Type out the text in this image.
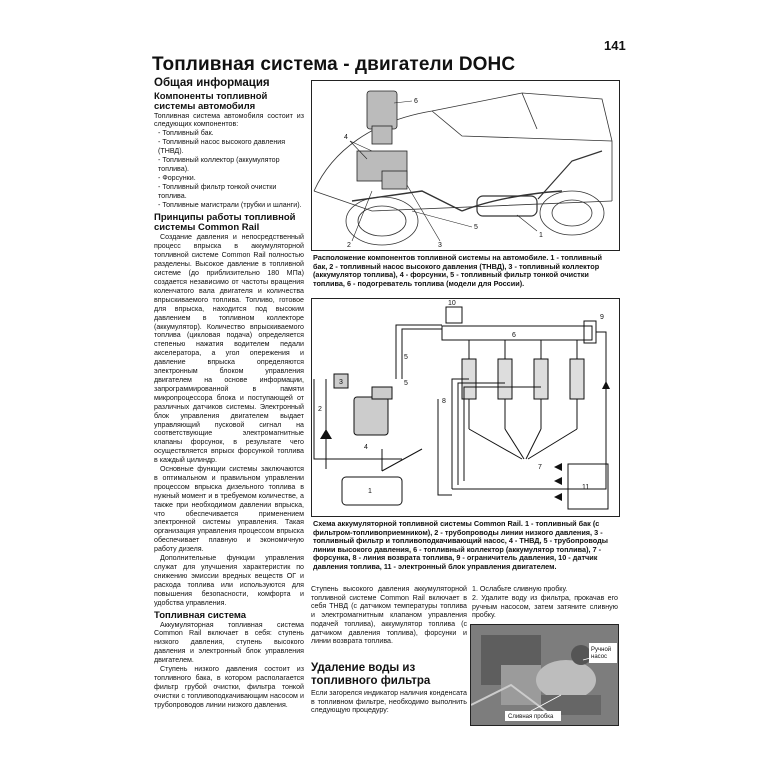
141
Топливная система - двигатели DOHC
Общая информация
Компоненты топливной системы автомобиля
Топливная система автомобиля состоит из следующих компонентов:
- Топливный бак.
- Топливный насос высокого давления (ТНВД).
- Топливный коллектор (аккумулятор топлива).
- Форсунки.
- Топливный фильтр тонкой очистки топлива.
- Топливные магистрали (трубки и шланги).
Принципы работы топливной системы Common Rail
Создание давления и непосредственный процесс впрыска в аккумуляторной топливной системе Common Rail полностью разделены. Высокое давление в топливной системе (до приблизительно 180 МПа) создается независимо от частоты вращения коленчатого вала двигателя и количества впрыскиваемого топлива. Топливо, готовое для впрыска, находится под высоким давлением в топливном коллекторе (аккумулятор). Количество впрыскиваемого топлива (цикловая подача) определяется степенью нажатия водителем педали акселератора, а угол опережения и давление впрыска определяются электронным блоком управления двигателем на основе информации, запрограммированной в памяти микропроцессора блока и поступающей от различных датчиков системы. Электронный блок управления двигателем выдает управляющий пусковой сигнал на соответствующие электромагнитные клапаны форсунок, в результате чего осуществляется впрыск форсункой топлива в каждый цилиндр.
Основные функции системы заключаются в оптимальном и правильном управлении процессом впрыска дизельного топлива в нужный момент и в требуемом количестве, а также при необходимом давлении впрыска, что обеспечивается применением электронной системы управления. Такая организация управления процессом впрыска обеспечивает плавную и экономичную работу дизеля.
Дополнительные функции управления служат для улучшения характеристик по снижению эмиссии вредных веществ ОГ и расхода топлива или используются для повышения безопасности, комфорта и удобства управления.
Топливная система
Аккумуляторная топливная система Common Rail включает в себя: ступень низкого давления, ступень высокого давления и электронный блок управления двигателем.
Ступень низкого давления состоит из топливного бака, в котором располагается фильтр грубой очистки, фильтра тонкой очистки с топливоподкачивающим насосом и трубопроводов линии низкого давления.
6
4
2	3
5
1
Расположение компонентов топливной системы на автомобиле. 1 - топливный бак, 2 - топливный насос высокого давления (ТНВД), 3 - топливный коллектор (аккумулятор топлива), 4 - форсунки, 5 - топливный фильтр тонкой очистки топлива, 6 - подогреватель топлива (модели для России).
1
2
3
4
5
5
6
7
8
9
10
11
Схема аккумуляторной топливной системы Common Rail. 1 - топливный бак (с фильтром-топливоприемником), 2 - трубопроводы линии низкого давления, 3 - топливный фильтр и топливоподкачивающий насос, 4 - ТНВД, 5 - трубопроводы линии высокого давления, 6 - топливный коллектор (аккумулятор топлива), 7 - форсунка, 8 - линия возврата топлива, 9 - ограничитель давления, 10 - датчик давления топлива, 11 - электронный блок управления двигателем.
Ступень высокого давления аккумуляторной топливной системе Common Rail включает в себя ТНВД (с датчиком температуры топлива и электромагнитным клапаном управления подачей топлива), аккумулятор топлива (с датчиком давления топлива), форсунки и линии возврата топлива.
Удаление воды из топливного фильтра
Если загорелся индикатор наличия конденсата в топливном фильтре, необходимо выполнить следующую процедуру:
1. Ослабьте сливную пробку.
2. Удалите воду из фильтра, прокачав его ручным насосом, затем затяните сливную пробку.
Ручной насос
Сливная пробка
